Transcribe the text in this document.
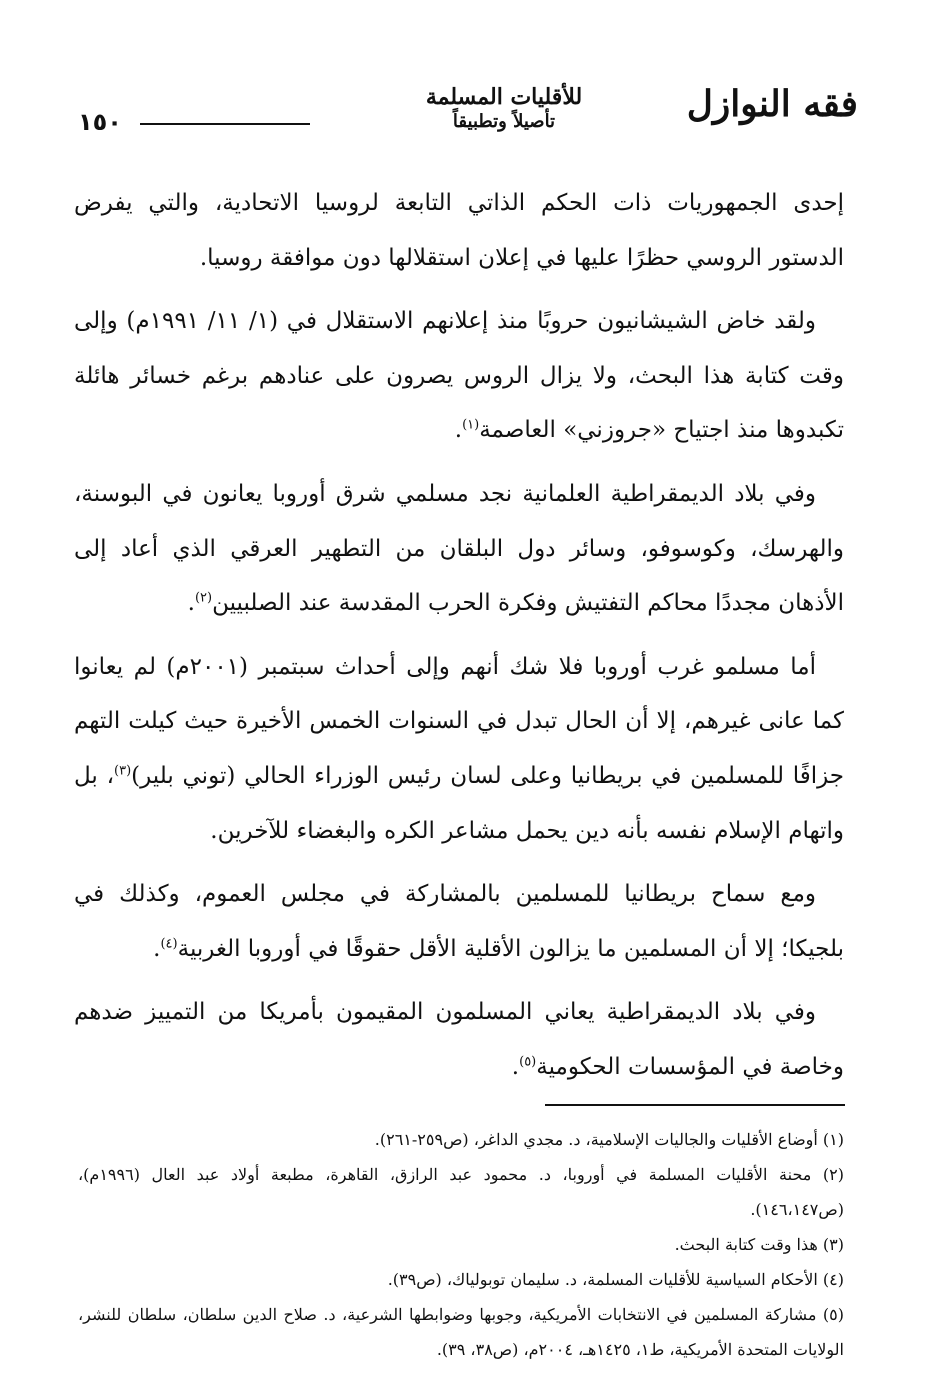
١٥٠	فقه النوازل
للأقليات المسلمة
تأصيلاً وتطبيقاً

إحدى الجمهوريات ذات الحكم الذاتي التابعة لروسيا الاتحادية، والتي يفرض الدستور الروسي حظرًا عليها في إعلان استقلالها دون موافقة روسيا.

ولقد خاض الشيشانيون حروبًا منذ إعلانهم الاستقلال في (١/ ١١/ ١٩٩١م) وإلى وقت كتابة هذا البحث، ولا يزال الروس يصرون على عنادهم برغم خسائر هائلة تكبدوها منذ اجتياح «جروزني» العاصمة$^{(١)}$.

وفي بلاد الديمقراطية العلمانية نجد مسلمي شرق أوروبا يعانون في البوسنة، والهرسك، وكوسوفو، وسائر دول البلقان من التطهير العرقي الذي أعاد إلى الأذهان مجددًا محاكم التفتيش وفكرة الحرب المقدسة عند الصلبيين$^{(٢)}$.

أما مسلمو غرب أوروبا فلا شك أنهم وإلى أحداث سبتمبر (٢٠٠١م) لم يعانوا كما عانى غيرهم، إلا أن الحال تبدل في السنوات الخمس الأخيرة حيث كيلت التهم جزافًا للمسلمين في بريطانيا وعلى لسان رئيس الوزراء الحالي (توني بلير)$^{(٣)}$، بل واتهام الإسلام نفسه بأنه دين يحمل مشاعر الكره والبغضاء للآخرين.

ومع سماح بريطانيا للمسلمين بالمشاركة في مجلس العموم، وكذلك في بلجيكا؛ إلا أن المسلمين ما يزالون الأقلية الأقل حقوقًا في أوروبا الغربية$^{(٤)}$.

وفي بلاد الديمقراطية يعاني المسلمون المقيمون بأمريكا من التمييز ضدهم وخاصة في المؤسسات الحكومية$^{(٥)}$.

(١) أوضاع الأقليات والجاليات الإسلامية، د. مجدي الداغر، (ص٢٥٩-٢٦١).

(٢) محنة الأقليات المسلمة في أوروبا، د. محمود عبد الرازق، القاهرة، مطبعة أولاد عبد العال (١٩٩٦م)، (ص١٤٦،١٤٧).

(٣) هذا وقت كتابة البحث.

(٤) الأحكام السياسية للأقليات المسلمة، د. سليمان توبولياك، (ص٣٩).

(٥) مشاركة المسلمين في الانتخابات الأمريكية، وجوبها وضوابطها الشرعية، د. صلاح الدين سلطان، سلطان للنشر، الولايات المتحدة الأمريكية، ط١، ١٤٢٥هـ، ٢٠٠٤م، (ص٣٨، ٣٩).
